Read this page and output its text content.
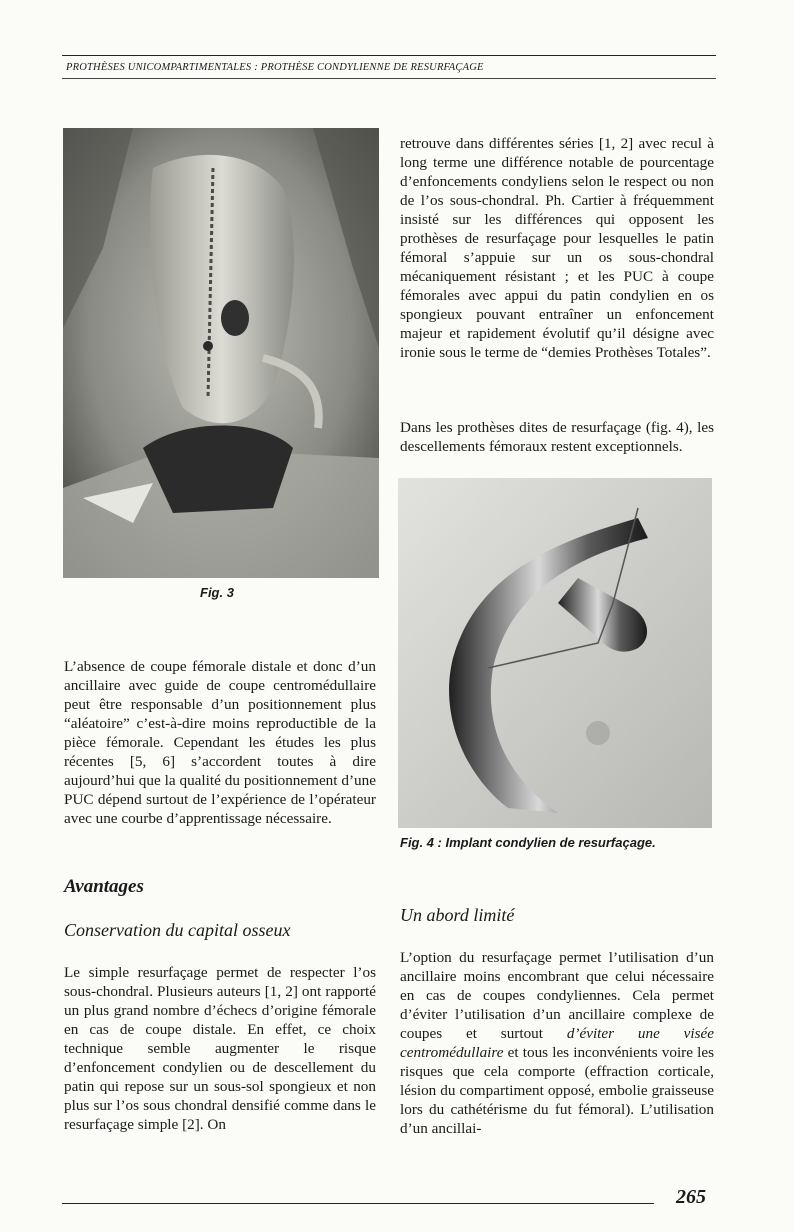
PROTHÈSES UNICOMPARTIMENTALES : PROTHÈSE CONDYLIENNE DE RESURFAÇAGE
Fig. 3

retrouve dans différentes séries [1, 2] avec recul à long terme une différence notable de pourcentage d’enfoncements condyliens selon le respect ou non de l’os sous-chondral. Ph. Cartier à fréquemment insisté sur les différences qui opposent les prothèses de resurfaçage pour lesquelles le patin fémoral s’appuie sur un os sous-chondral mécaniquement résistant ; et les PUC à coupe fémorales avec appui du patin condylien en os spongieux pouvant entraîner un enfoncement majeur et rapidement évolutif qu’il désigne avec ironie sous le terme de “demies Prothèses Totales”.

Dans les prothèses dites de resurfaçage (fig. 4), les descellements fémoraux restent exceptionnels.

Fig. 4 : Implant condylien de resurfaçage.

L’absence de coupe fémorale distale et donc d’un ancillaire avec guide de coupe centromédullaire peut être responsable d’un positionnement plus “aléatoire” c’est-à-dire moins reproductible de la pièce fémorale. Cependant les études les plus récentes [5, 6] s’accordent toutes à dire aujourd’hui que la qualité du positionnement d’une PUC dépend surtout de l’expérience de l’opérateur avec une courbe d’apprentissage nécessaire.

Avantages
Conservation du capital osseux

Le simple resurfaçage permet de respecter l’os sous-chondral. Plusieurs auteurs [1, 2] ont rapporté un plus grand nombre d’échecs d’origine fémorale en cas de coupe distale. En effet, ce choix technique semble augmenter le risque d’enfoncement condylien ou de descellement du patin qui repose sur un sous-sol spongieux et non plus sur l’os sous chondral densifié comme dans le resurfaçage simple [2]. On

Un abord limité

L’option du resurfaçage permet l’utilisation d’un ancillaire moins encombrant que celui nécessaire en cas de coupes condyliennes. Cela permet d’éviter l’utilisation d’un ancillaire complexe de coupes et surtout d’éviter une visée centromédullaire et tous les inconvénients voire les risques que cela comporte (effraction corticale, lésion du compartiment opposé, embolie graisseuse lors du cathétérisme du fut fémoral). L’utilisation d’un ancillai-

265
